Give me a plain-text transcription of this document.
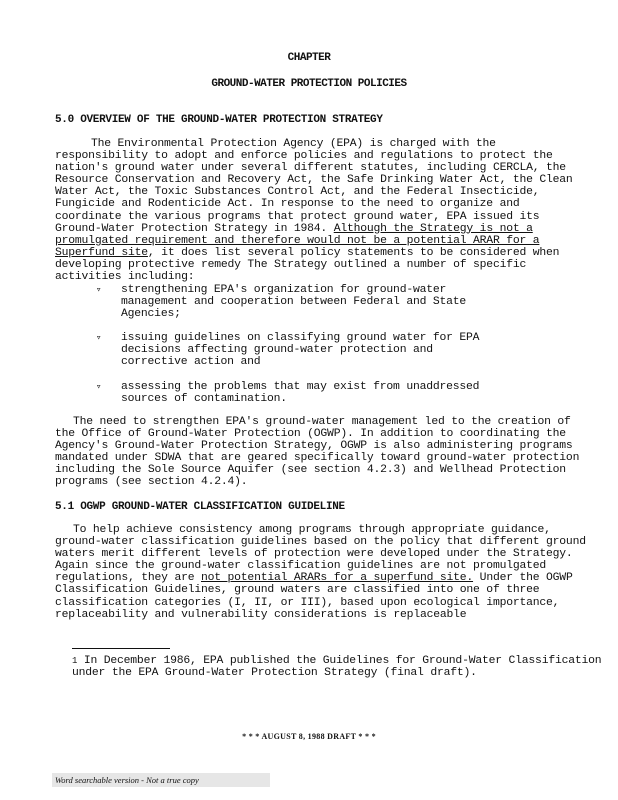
CHAPTER
GROUND-WATER PROTECTION POLICIES
5.0 OVERVIEW OF THE GROUND-WATER PROTECTION STRATEGY
The Environmental Protection Agency (EPA) is charged with the responsibility to adopt and enforce policies and regulations to protect the nation's ground water under several different statutes, including CERCLA, the Resource Conservation and Recovery Act, the Safe Drinking Water Act, the Clean Water Act, the Toxic Substances Control Act, and the Federal Insecticide, Fungicide and Rodenticide Act. In response to the need to organize and coordinate the various programs that protect ground water, EPA issued its Ground-Water Protection Strategy in 1984. Although the Strategy is not a promulgated requirement and therefore would not be a potential ARAR for a Superfund site, it does list several policy statements to be considered when developing protective remedy The Strategy outlined a number of specific activities including:
▿ strengthening EPA's organization for ground-water management and cooperation between Federal and State Agencies;
▿ issuing guidelines on classifying ground water for EPA decisions affecting ground-water protection and corrective action and
▿ assessing the problems that may exist from unaddressed sources of contamination.
The need to strengthen EPA's ground-water management led to the creation of the Office of Ground-Water Protection (OGWP). In addition to coordinating the Agency's Ground-Water Protection Strategy, OGWP is also administering programs mandated under SDWA that are geared specifically toward ground-water protection including the Sole Source Aquifer (see section 4.2.3) and Wellhead Protection programs (see section 4.2.4).
5.1 OGWP GROUND-WATER CLASSIFICATION GUIDELINE
To help achieve consistency among programs through appropriate guidance, ground-water classification guidelines based on the policy that different ground waters merit different levels of protection were developed under the Strategy. Again since the ground-water classification guidelines are not promulgated regulations, they are not potential ARARs for a superfund site. Under the OGWP Classification Guidelines, ground waters are classified into one of three classification categories (I, II, or III), based upon ecological importance, replaceability and vulnerability considerations is replaceable
$^1$ In December 1986, EPA published the Guidelines for Ground-Water Classification under the EPA Ground-Water Protection Strategy (final draft).
* * * AUGUST 8, 1988 DRAFT * * *
Word searchable version - Not a true copy
